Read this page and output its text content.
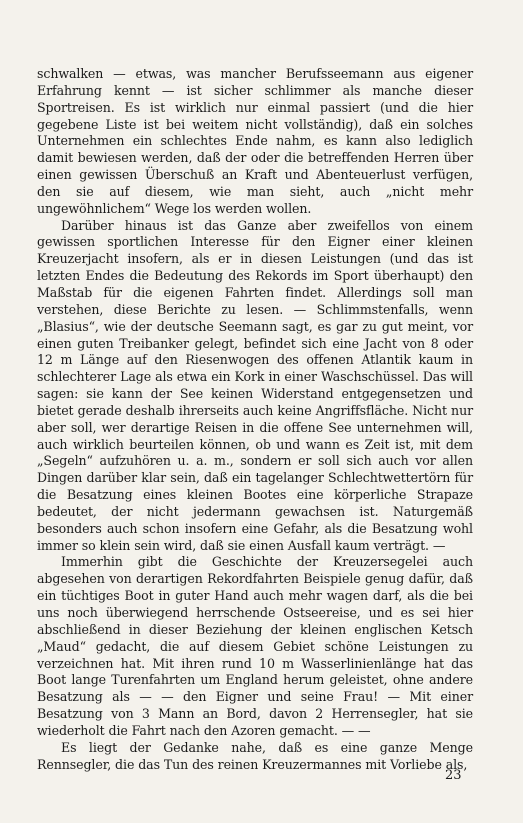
schwalken — etwas, was mancher Berufsseemann aus eigener Erfahrung kennt — ist sicher schlimmer als manche dieser Sportreisen. Es ist wirklich nur einmal passiert (und die hier gegebene Liste ist bei weitem nicht vollständig), daß ein solches Unternehmen ein schlechtes Ende nahm, es kann also lediglich damit bewiesen werden, daß der oder die betreffenden Herren über einen gewissen Überschuß an Kraft und Abenteuerlust verfügen, den sie auf diesem, wie man sieht, auch „nicht mehr ungewöhnlichem“ Wege los werden wollen.

Darüber hinaus ist das Ganze aber zweifellos von einem gewissen sportlichen Interesse für den Eigner einer kleinen Kreuzerjacht insofern, als er in diesen Leistungen (und das ist letzten Endes die Bedeutung des Rekords im Sport überhaupt) den Maßstab für die eigenen Fahrten findet. Allerdings soll man verstehen, diese Berichte zu lesen. — Schlimmstenfalls, wenn „Blasius“, wie der deutsche Seemann sagt, es gar zu gut meint, vor einen guten Treibanker gelegt, befindet sich eine Jacht von 8 oder 12 m Länge auf den Riesenwogen des offenen Atlantik kaum in schlechterer Lage als etwa ein Kork in einer Waschschüssel. Das will sagen: sie kann der See keinen Widerstand entgegensetzen und bietet gerade deshalb ihrerseits auch keine Angriffsfläche. Nicht nur aber soll, wer derartige Reisen in die offene See unternehmen will, auch wirklich beurteilen können, ob und wann es Zeit ist, mit dem „Segeln“ aufzuhören u. a. m., sondern er soll sich auch vor allen Dingen darüber klar sein, daß ein tagelanger Schlechtwettertörn für die Besatzung eines kleinen Bootes eine körperliche Strapaze bedeutet, der nicht jedermann gewachsen ist. Naturgemäß besonders auch schon insofern eine Gefahr, als die Besatzung wohl immer so klein sein wird, daß sie einen Ausfall kaum verträgt. —

Immerhin gibt die Geschichte der Kreuzersegelei auch abgesehen von derartigen Rekordfahrten Beispiele genug dafür, daß ein tüchtiges Boot in guter Hand auch mehr wagen darf, als die bei uns noch überwiegend herrschende Ostseereise, und es sei hier abschließend in dieser Beziehung der kleinen englischen Ketsch „Maud“ gedacht, die auf diesem Gebiet schöne Leistungen zu verzeichnen hat. Mit ihren rund 10 m Wasserlinienlänge hat das Boot lange Turenfahrten um England herum geleistet, ohne andere Besatzung als — — den Eigner und seine Frau! — Mit einer Besatzung von 3 Mann an Bord, davon 2 Herrensegler, hat sie wiederholt die Fahrt nach den Azoren gemacht. — —

Es liegt der Gedanke nahe, daß es eine ganze Menge Rennsegler, die das Tun des reinen Kreuzermannes mit Vorliebe als,

23
